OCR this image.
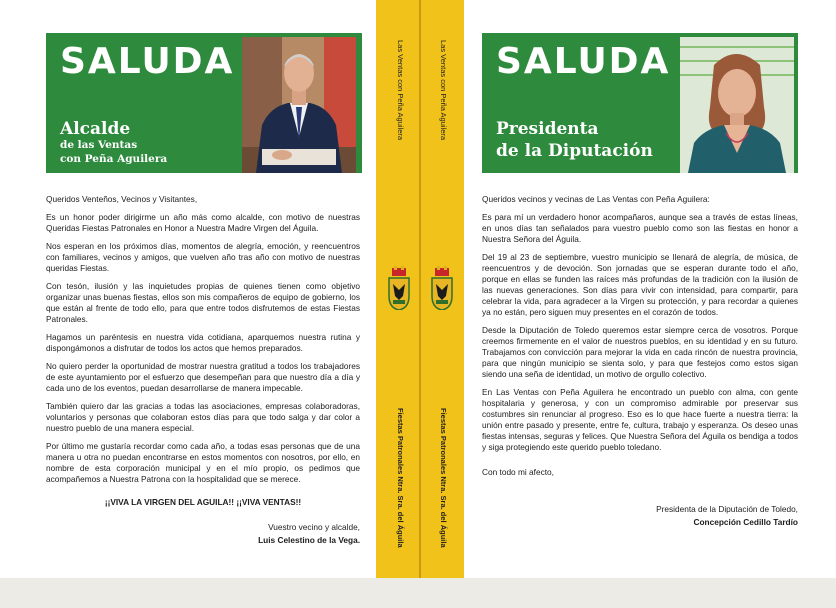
SALUDA
Alcalde
de las Ventas
con Peña Aguilera

Queridos Venteños, Vecinos y Visitantes,

Es un honor poder dirigirme un año más como alcalde, con motivo de nuestras Queridas Fiestas Patronales en Honor a Nuestra Madre Virgen del Águila.

Nos esperan en los próximos días, momentos de alegría, emoción, y reencuentros con familiares, vecinos y amigos, que vuelven año tras año con motivo de nuestras queridas Fiestas.

Con tesón, ilusión y las inquietudes propias de quienes tienen como objetivo organizar unas buenas fiestas, ellos son mis compañeros de equipo de gobierno, los que están al frente de todo ello, para que entre todos disfrutemos de estas Fiestas Patronales.

Hagamos un paréntesis en nuestra vida cotidiana, aparquemos nuestra rutina y dispongámonos a disfrutar de todos los actos que hemos preparados.

No quiero perder la oportunidad de mostrar nuestra gratitud a todos los trabajadores de este ayuntamiento por el esfuerzo que desempeñan para que nuestro día a día y cada uno de los eventos, puedan desarrollarse de manera impecable.

También quiero dar las gracias a todas las asociaciones, empresas colaboradoras, voluntarios y personas que colaboran estos días para que todo salga y dar color a nuestro pueblo de una manera especial.

Por último me gustaría recordar como cada año, a todas esas personas que de una manera u otra no puedan encontrarse en estos momentos con nosotros, por ello, en nombre de esta corporación municipal y en el mío propio, os pedimos que acompañemos a Nuestra Patrona con la hospitalidad que se merece.

¡¡VIVA LA VIRGEN DEL AGUILA!! ¡¡VIVA VENTAS!!

Vuestro vecino y alcalde,

Luis Celestino de la Vega.

Las Ventas con Peña Aguilera	Las Ventas con Peña Aguilera
Fiestas Patronales Ntra. Sra. del Águila	Fiestas Patronales Ntra. Sra. del Águila
SALUDA
Presidenta
de la Diputación

Queridos vecinos y vecinas de Las Ventas con Peña Aguilera:

Es para mí un verdadero honor acompañaros, aunque sea a través de estas líneas, en unos días tan señalados para vuestro pueblo como son las fiestas en honor a Nuestra Señora del Águila.

Del 19 al 23 de septiembre, vuestro municipio se llenará de alegría, de música, de reencuentros y de devoción. Son jornadas que se esperan durante todo el año, porque en ellas se funden las raíces más profundas de la tradición con la ilusión de las nuevas generaciones. Son días para vivir con intensidad, para compartir, para celebrar la vida, para agradecer a la Virgen su protección, y para recordar a quienes ya no están, pero siguen muy presentes en el corazón de todos.

Desde la Diputación de Toledo queremos estar siempre cerca de vosotros. Porque creemos firmemente en el valor de nuestros pueblos, en su identidad y en su futuro. Trabajamos con convicción para mejorar la vida en cada rincón de nuestra provincia, para que ningún municipio se sienta solo, y para que festejos como estos sigan siendo una seña de identidad, un motivo de orgullo colectivo.

En Las Ventas con Peña Aguilera he encontrado un pueblo con alma, con gente hospitalaria y generosa, y con un compromiso admirable por preservar sus costumbres sin renunciar al progreso. Eso es lo que hace fuerte a nuestra tierra: la unión entre pasado y presente, entre fe, cultura, trabajo y esperanza. Os deseo unas fiestas intensas, seguras y felices. Que Nuestra Señora del Águila os bendiga a todos y siga protegiendo este querido pueblo toledano.

Con todo mi afecto,

Presidenta de la Diputación de Toledo,

Concepción Cedillo Tardío
